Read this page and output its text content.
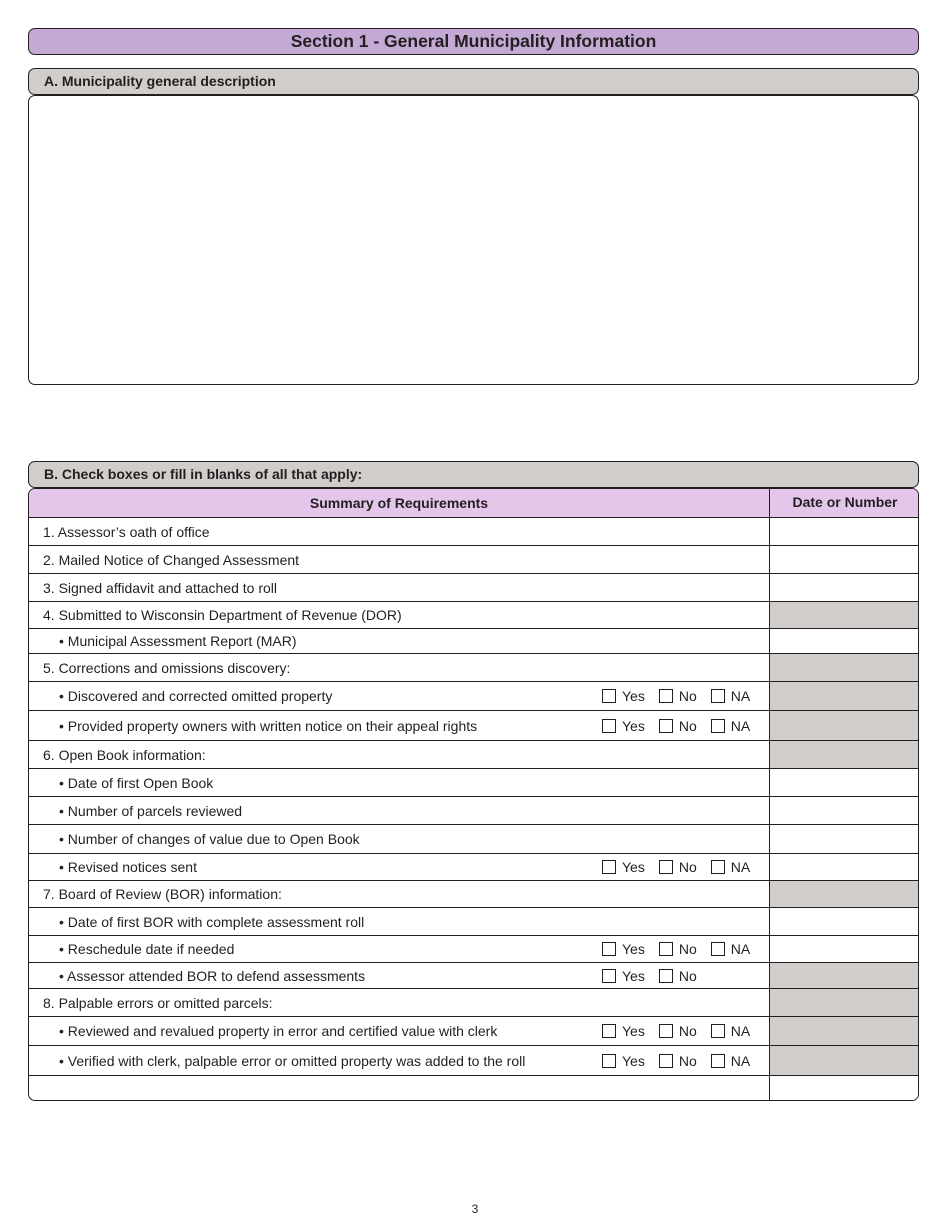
Section 1 - General Municipality Information
A. Municipality general description
B. Check boxes or fill in blanks of all that apply:
Summary of Requirements	Date or Number
1. Assessor’s oath of office
2. Mailed Notice of Changed Assessment
3. Signed affidavit and attached to roll
4. Submitted to Wisconsin Department of Revenue (DOR)
• Municipal Assessment Report (MAR)
5. Corrections and omissions discovery:
• Discovered and corrected omitted property	Yes No NA
• Provided property owners with written notice on their appeal rights	Yes No NA
6. Open Book information:
• Date of first Open Book
• Number of parcels reviewed
• Number of changes of value due to Open Book
• Revised notices sent	Yes No NA
7. Board of Review (BOR) information:
• Date of first BOR with complete assessment roll
• Reschedule date if needed	Yes No NA
• Assessor attended BOR to defend assessments	Yes No
8. Palpable errors or omitted parcels:
• Reviewed and revalued property in error and certified value with clerk	Yes No NA
• Verified with clerk, palpable error or omitted property was added to the roll	Yes No NA
3
